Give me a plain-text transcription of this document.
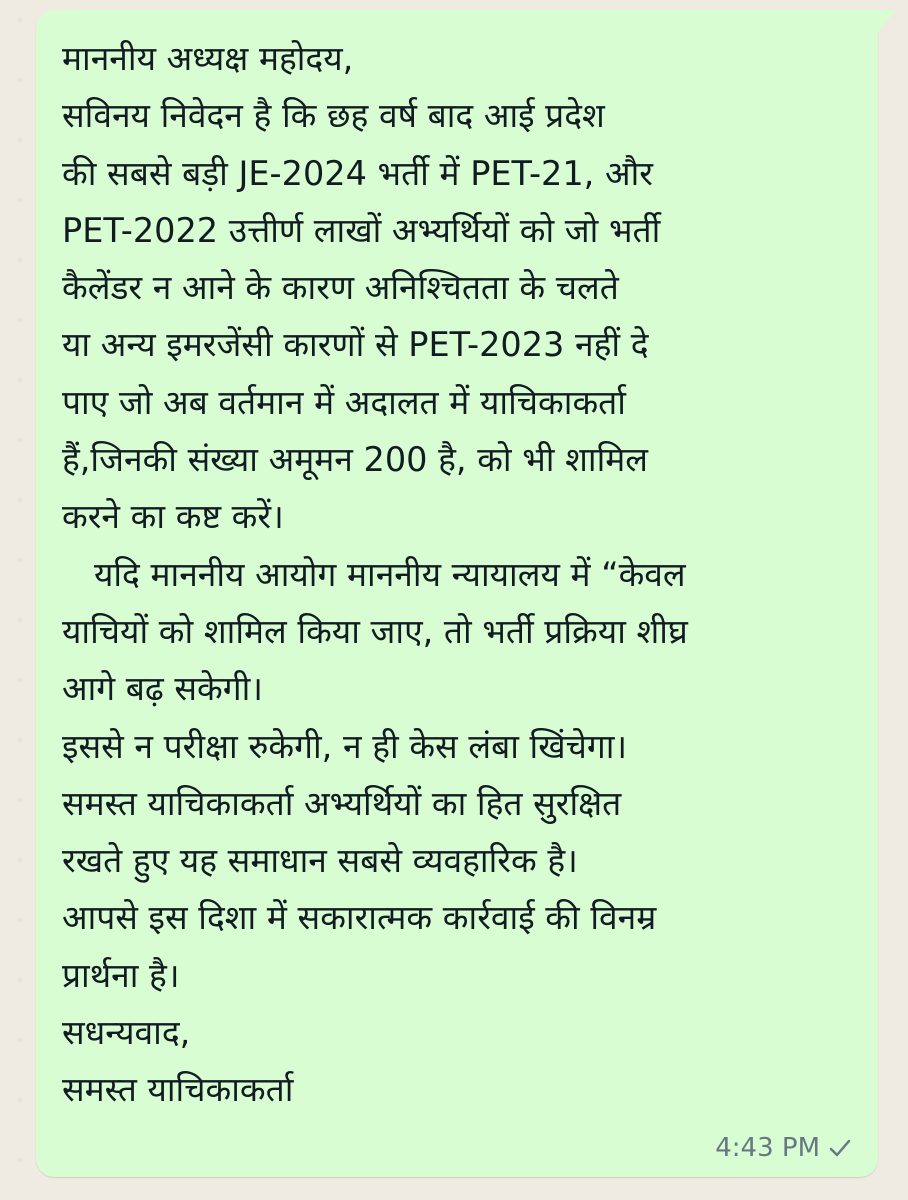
माननीय अध्यक्ष महोदय,
सविनय निवेदन है कि छह वर्ष बाद आई प्रदेश
की सबसे बड़ी JE-2024 भर्ती में PET-21, और
PET-2022 उत्तीर्ण लाखों अभ्यर्थियों को जो भर्ती
कैलेंडर न आने के कारण अनिश्चितता के चलते
या अन्य इमरजेंसी कारणों से PET-2023 नहीं दे
पाए जो अब वर्तमान में अदालत में याचिकाकर्ता
हैं,जिनकी संख्या अमूमन 200 है, को भी शामिल
करने का कष्ट करें।
यदि माननीय आयोग माननीय न्यायालय में “केवल
याचियों को शामिल किया जाए, तो भर्ती प्रक्रिया शीघ्र
आगे बढ़ सकेगी।
इससे न परीक्षा रुकेगी, न ही केस लंबा खिंचेगा।
समस्त याचिकाकर्ता अभ्यर्थियों का हित सुरक्षित
रखते हुए यह समाधान सबसे व्यवहारिक है।
आपसे इस दिशा में सकारात्मक कार्रवाई की विनम्र
प्रार्थना है।
सधन्यवाद,
समस्त याचिकाकर्ता
4:43 PM
